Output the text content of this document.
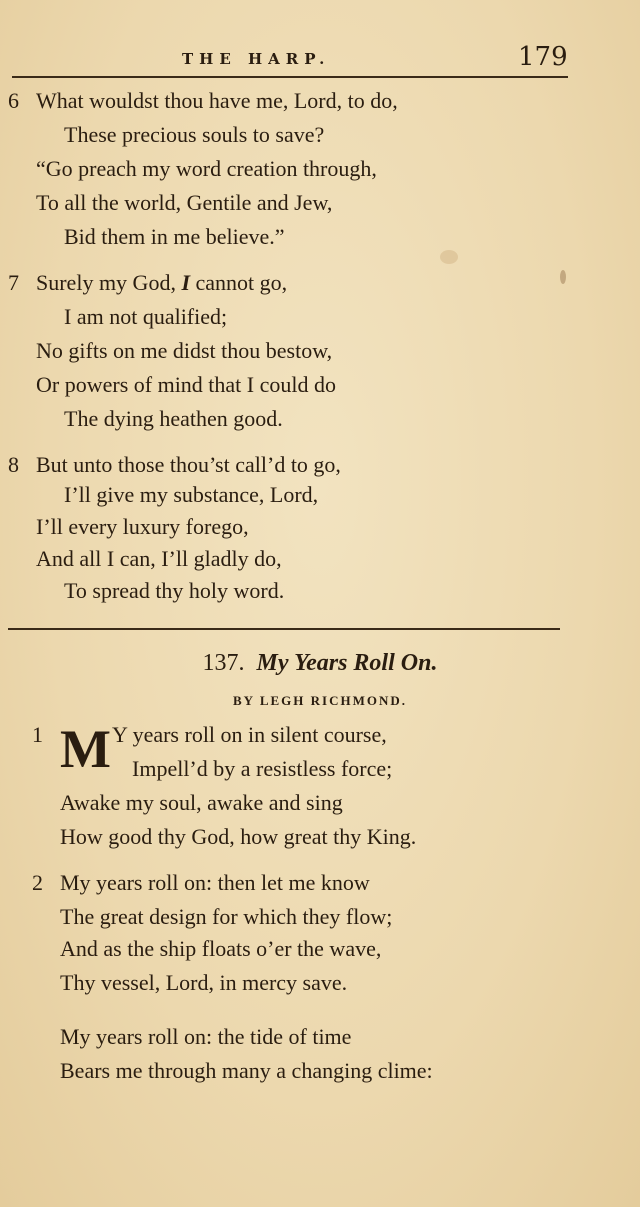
THE HARP.	179
6 What wouldst thou have me, Lord, to do,
These precious souls to save?
“Go preach my word creation through,
To all the world, Gentile and Jew,
Bid them in me believe.”
7 Surely my God, I cannot go,
I am not qualified;
No gifts on me didst thou bestow,
Or powers of mind that I could do
The dying heathen good.
8 But unto those thou’st call’d to go,
I’ll give my substance, Lord,
I’ll every luxury forego,
And all I can, I’ll gladly do,
To spread thy holy word.
137. My Years Roll On.
BY LEGH RICHMOND.
M
1	Y years roll on in silent course,
Impell’d by a resistless force;
Awake my soul, awake and sing
How good thy God, how great thy King.
2 My years roll on: then let me know
The great design for which they flow;
And as the ship floats o’er the wave,
Thy vessel, Lord, in mercy save.
My years roll on: the tide of time
Bears me through many a changing clime:
